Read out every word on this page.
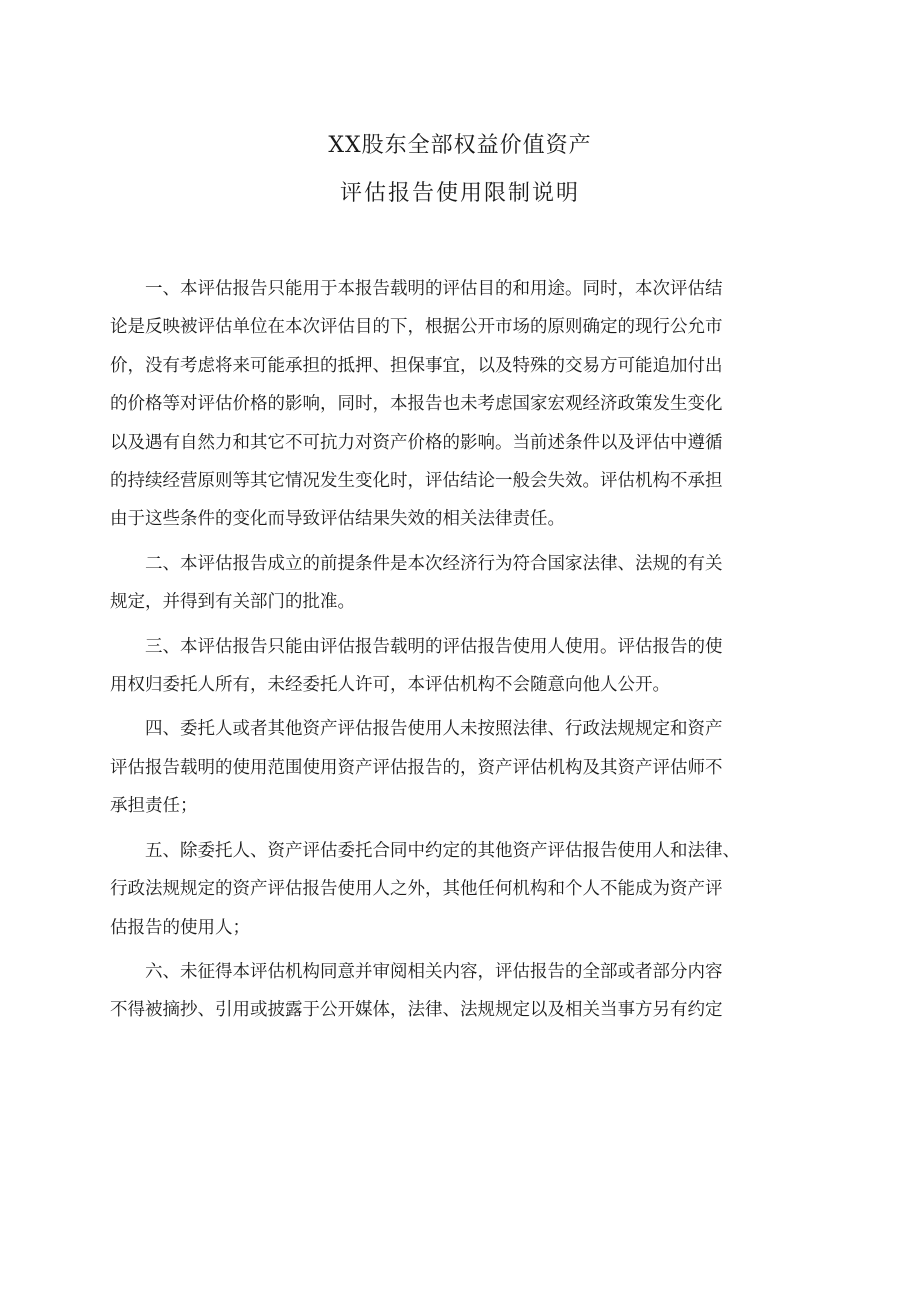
XX股东全部权益价值资产
评估报告使用限制说明

　　一、本评估报告只能用于本报告载明的评估目的和用途。同时，本次评估结
论是反映被评估单位在本次评估目的下，根据公开市场的原则确定的现行公允市
价，没有考虑将来可能承担的抵押、担保事宜，以及特殊的交易方可能追加付出
的价格等对评估价格的影响，同时，本报告也未考虑国家宏观经济政策发生变化
以及遇有自然力和其它不可抗力对资产价格的影响。当前述条件以及评估中遵循
的持续经营原则等其它情况发生变化时，评估结论一般会失效。评估机构不承担
由于这些条件的变化而导致评估结果失效的相关法律责任。

　　二、本评估报告成立的前提条件是本次经济行为符合国家法律、法规的有关
规定，并得到有关部门的批准。

　　三、本评估报告只能由评估报告载明的评估报告使用人使用。评估报告的使
用权归委托人所有，未经委托人许可，本评估机构不会随意向他人公开。

　　四、委托人或者其他资产评估报告使用人未按照法律、行政法规规定和资产
评估报告载明的使用范围使用资产评估报告的，资产评估机构及其资产评估师不
承担责任；

　　五、除委托人、资产评估委托合同中约定的其他资产评估报告使用人和法律、
行政法规规定的资产评估报告使用人之外，其他任何机构和个人不能成为资产评
估报告的使用人；

　　六、未征得本评估机构同意并审阅相关内容，评估报告的全部或者部分内容
不得被摘抄、引用或披露于公开媒体，法律、法规规定以及相关当事方另有约定
